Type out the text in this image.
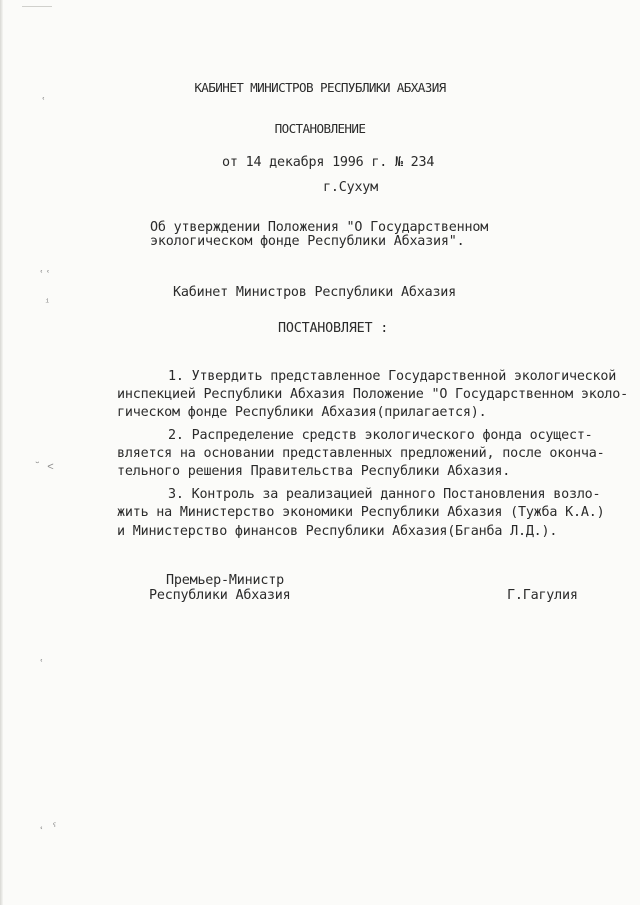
ʿ
ʿʿ
ⁱ
˘ ˂
ʿ
˓ ˁ
КАБИНЕТ МИНИСТРОВ РЕСПУБЛИКИ АБХАЗИЯ
ПОСТАНОВЛЕНИЕ
от 14 декабря 1996 г. № 234
г.Сухум
Об утверждении Положения "О Государственном
экологическом фонде Республики Абхазия".
Кабинет Министров Республики Абхазия
ПОСТАНОВЛЯЕТ :
1. Утвердить представленное Государственной экологической
инспекцией Республики Абхазия Положение "О Государственном эколо-
гическом фонде Республики Абхазия(прилагается).
2. Распределение средств экологического фонда осущест-
вляется на основании представленных предложений, после оконча-
тельного решения Правительства Республики Абхазия.
3. Контроль за реализацией данного Постановления возло-
жить на Министерство экономики Республики Абхазия (Тужба К.А.)
и Министерство финансов Республики Абхазия(Бганба Л.Д.).
Премьер-Министр
Республики Абхазия	Г.Гагулия
